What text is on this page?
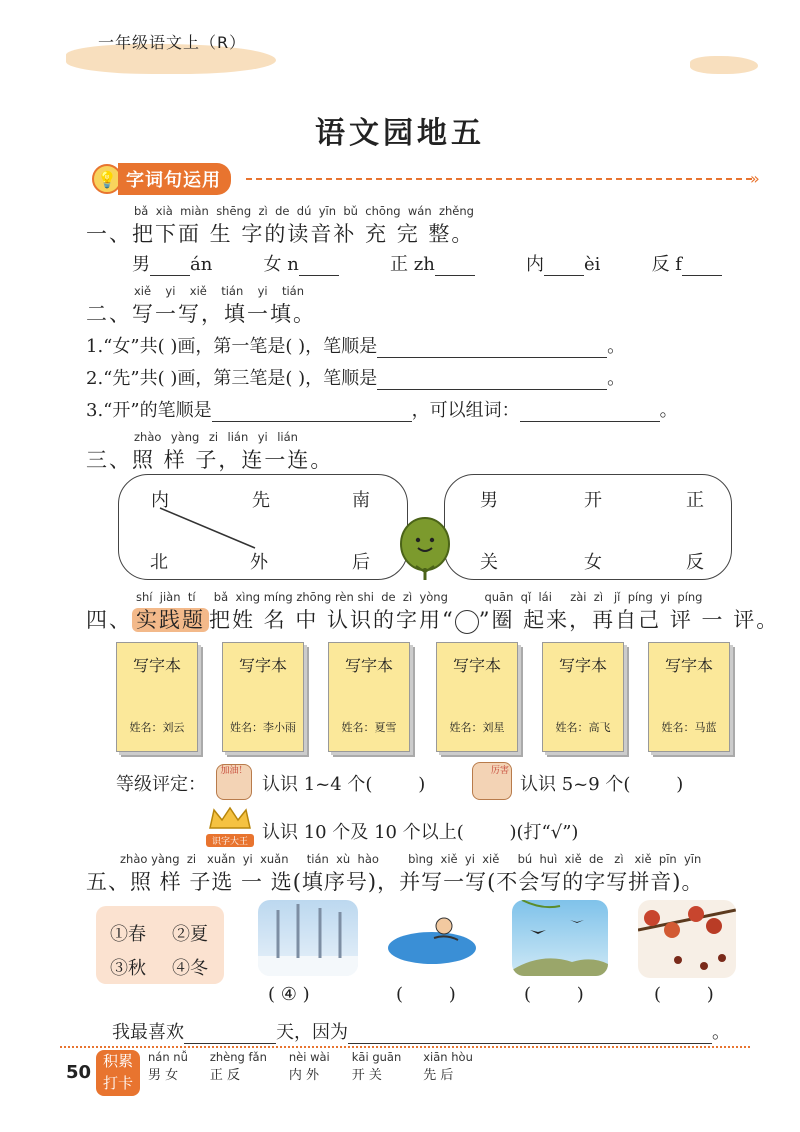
一年级语文上（R）
语文园地五
💡 字词句运用	»
bǎ xià miàn shēng zì de dú yīn bǔ chōng wán zhěng
一、把下面 生 字的读音补 充 完 整。
男 án	女 n	正 zh	内 èi	反 f
xiě yi xiě tián yi tián
二、写一写，填一填。
1.“女”共( )画，第一笔是( )，笔顺是	。
2.“先”共( )画，第三笔是( )，笔顺是	。
3.“开”的笔顺是	，可以组词：	。
zhào yàng zi lián yi lián
三、照 样 子，连一连。
内	先	南
北	外	后
男	开	正
关	女	反
shí  jiàn  tí     bǎ  xìng míng zhōng rèn shi  de  zì  yòng          quān  qǐ  lái     zài  zì   jǐ  píng  yi  píng
四、 实践题 把姓 名 中 认识的字用“ ”圈 起来，再自己 评 一 评。
写字本
姓名：刘云
写字本
姓名：李小雨
写字本
姓名：夏雪
写字本
姓名：刘星
写字本
姓名：高飞
写字本
姓名：马蓝
等级评定：
加油！
认识 1~4 个(        )
厉害
认识 5~9 个(        )
识字大王 认识 10 个及 10 个以上(        )(打“√”)
zhào yàng  zi   xuǎn  yi  xuǎn     tián  xù  hào        bìng  xiě  yi  xiě     bú  huì  xiě  de   zì   xiě  pīn  yīn
五、照 样 子选 一 选(填序号)，并写一写(不会写的字写拼音)。
①春 ②夏
③秋 ④冬
( ④ )	(        )	(        )	(        )
我最喜欢	天，因为	。
50
积累
打卡
nán nǚ
男 女
zhèng fǎn
正 反
nèi wài
内 外
kāi guān
开 关
xiān hòu
先 后
